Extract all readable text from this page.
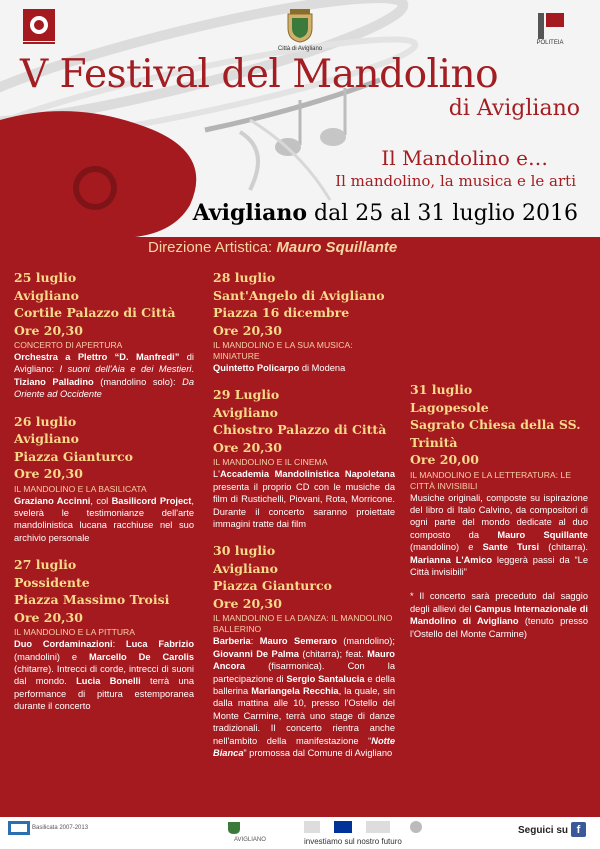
Città di Avigliano
POLITEIA
V Festival del Mandolino
di Avigliano
Il Mandolino e…
Il mandolino, la musica e le arti
Avigliano dal 25 al 31 luglio 2016
Direzione Artistica: Mauro Squillante
25 luglio
Avigliano
Cortile Palazzo di Città
Ore 20,30
CONCERTO DI APERTURA
Orchestra a Plettro “D. Manfredi” di Avigliano: I suoni dell'Aia e dei Mestieri. Tiziano Palladino (mandolino solo): Da Oriente ad Occidente
26 luglio
Avigliano
Piazza Gianturco
Ore 20,30
IL MANDOLINO E LA BASILICATA
Graziano Accinni, col Basilicord Project, svelerà le testimonianze dell'arte mandolinistica lucana racchiuse nel suo archivio personale
27 luglio
Possidente
Piazza Massimo Troisi
Ore 20,30
IL MANDOLINO E LA PITTURA
Duo Cordaminazioni: Luca Fabrizio (mandolini) e Marcello De Carolis (chitarre). Intrecci di corde, intrecci di suoni dal mondo. Lucia Bonelli terrà una performance di pittura estemporanea durante il concerto
28 luglio
Sant'Angelo di Avigliano
Piazza 16 dicembre
Ore 20,30
IL MANDOLINO E LA SUA MUSICA: MINIATURE
Quintetto Policarpo di Modena
29 Luglio
Avigliano
Chiostro Palazzo di Città
Ore 20,30
IL MANDOLINO E IL CINEMA
L'Accademia Mandolinistica Napoletana presenta il proprio CD con le musiche da film di Rustichelli, Piovani, Rota, Morricone. Durante il concerto saranno proiettate immagini tratte dai film
30 luglio
Avigliano
Piazza Gianturco
Ore 20,30
IL MANDOLINO E LA DANZA: IL MANDOLINO BALLERINO
Barberia: Mauro Semeraro (mandolino); Giovanni De Palma (chitarra); feat. Mauro Ancora (fisarmonica). Con la partecipazione di Sergio Santalucia e della ballerina Mariangela Recchia, la quale, sin dalla mattina alle 10, presso l'Ostello del Monte Carmine, terrà uno stage di danze tradizionali. Il concerto rientra anche nell'ambito della manifestazione “Notte Bianca” promossa dal Comune di Avigliano
31 luglio
Lagopesole
Sagrato Chiesa della SS. Trinità
Ore 20,00
IL MANDOLINO E LA LETTERATURA: LE CITTÀ INVISIBILI
Musiche originali, composte su ispirazione del libro di Italo Calvino, da compositori di ogni parte del mondo dedicate al duo composto da Mauro Squillante (mandolino) e Sante Tursi (chitarra). Marianna L'Amico leggerà passi da “Le Città invisibili”
* Il concerto sarà preceduto dal saggio degli allievi del Campus Internazionale di Mandolino di Avigliano (tenuto presso l'Ostello del Monte Carmine)
Basilicata 2007-2013
AVIGLIANO	investiamo sul nostro futuro
Seguici su f
